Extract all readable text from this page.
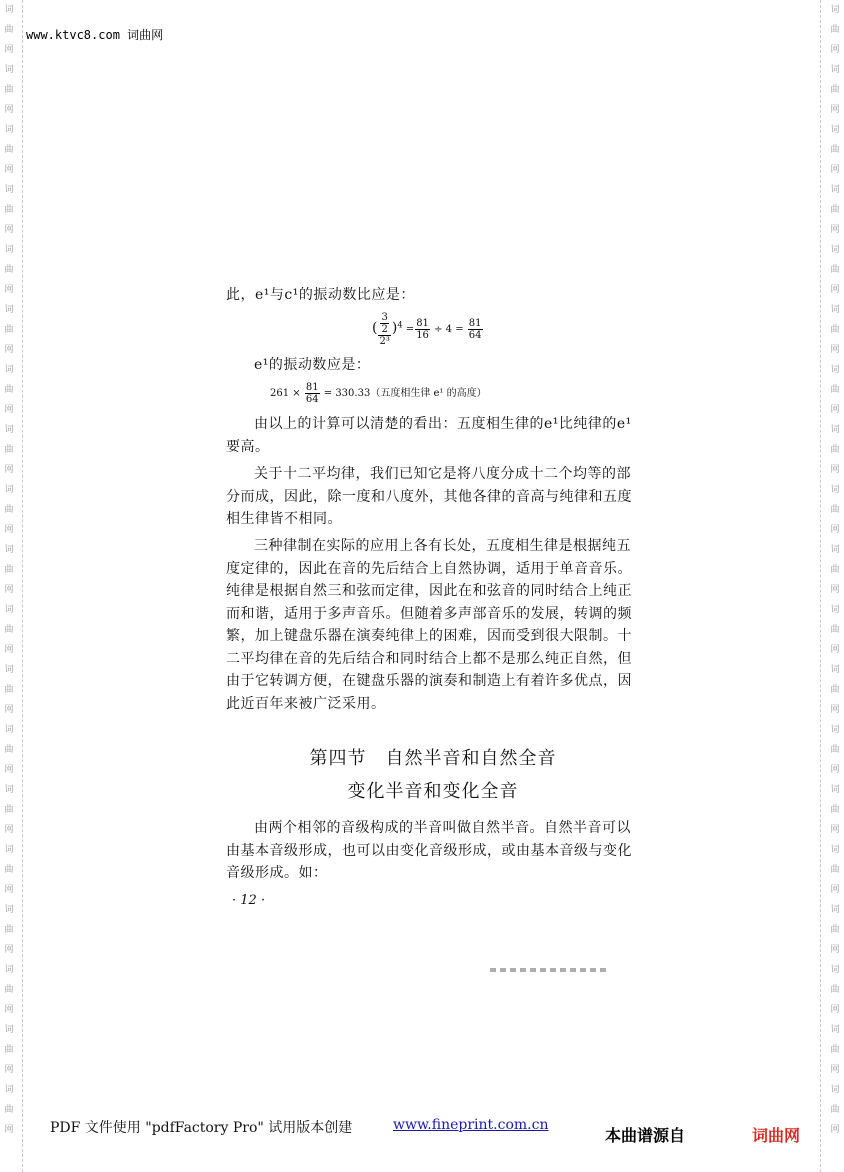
词
曲
网
词
曲
网
词
曲
网
词
曲
网
词
曲
网
词
曲
网
词
曲
网
词
曲
网
词
曲
网
词
曲
网
词
曲
网
词
曲
网
词
曲
网
词
曲
网
词
曲
网
词
曲
网
词
曲
网
词
曲
网
词
曲
网
词
曲
网
词
曲
网
词
曲
网
词
曲
网
词
曲
网
词
曲
网
词
曲
网
词
曲
网
词
曲
网
词
曲
网
词
曲
网
词
曲
网
词
曲
网
词
曲
网
词
曲
网
词
曲
网
词
曲
网
词
曲
网
词
曲
网
www.ktvc8.com 词曲网
此，e¹与c¹的振动数比应是：
( $\frac{\frac{3}{2}}{\text{2³}} )^4 = \frac{81}{16} \div 4 = \frac{81}{64}$
e¹的振动数应是：
$261 \times \frac{81}{64} = 330.33$（五度相生律 e¹ 的高度）
由以上的计算可以清楚的看出：五度相生律的e¹比纯律的e¹要高。
关于十二平均律，我们已知它是将八度分成十二个均等的部分而成，因此，除一度和八度外，其他各律的音高与纯律和五度相生律皆不相同。
三种律制在实际的应用上各有长处，五度相生律是根据纯五度定律的，因此在音的先后结合上自然协调，适用于单音音乐。纯律是根据自然三和弦而定律，因此在和弦音的同时结合上纯正而和谐，适用于多声音乐。但随着多声部音乐的发展，转调的频繁，加上键盘乐器在演奏纯律上的困难，因而受到很大限制。十二平均律在音的先后结合和同时结合上都不是那么纯正自然，但由于它转调方便，在键盘乐器的演奏和制造上有着许多优点，因此近百年来被广泛采用。
第四节　自然半音和自然全音
变化半音和变化全音
由两个相邻的音级构成的半音叫做自然半音。自然半音可以由基本音级形成，也可以由变化音级形成，或由基本音级与变化音级形成。如：
· 12 ·
PDF 文件使用 "pdfFactory Pro" 试用版本创建	www.fineprint.com.cn
本曲谱源自	词曲网
